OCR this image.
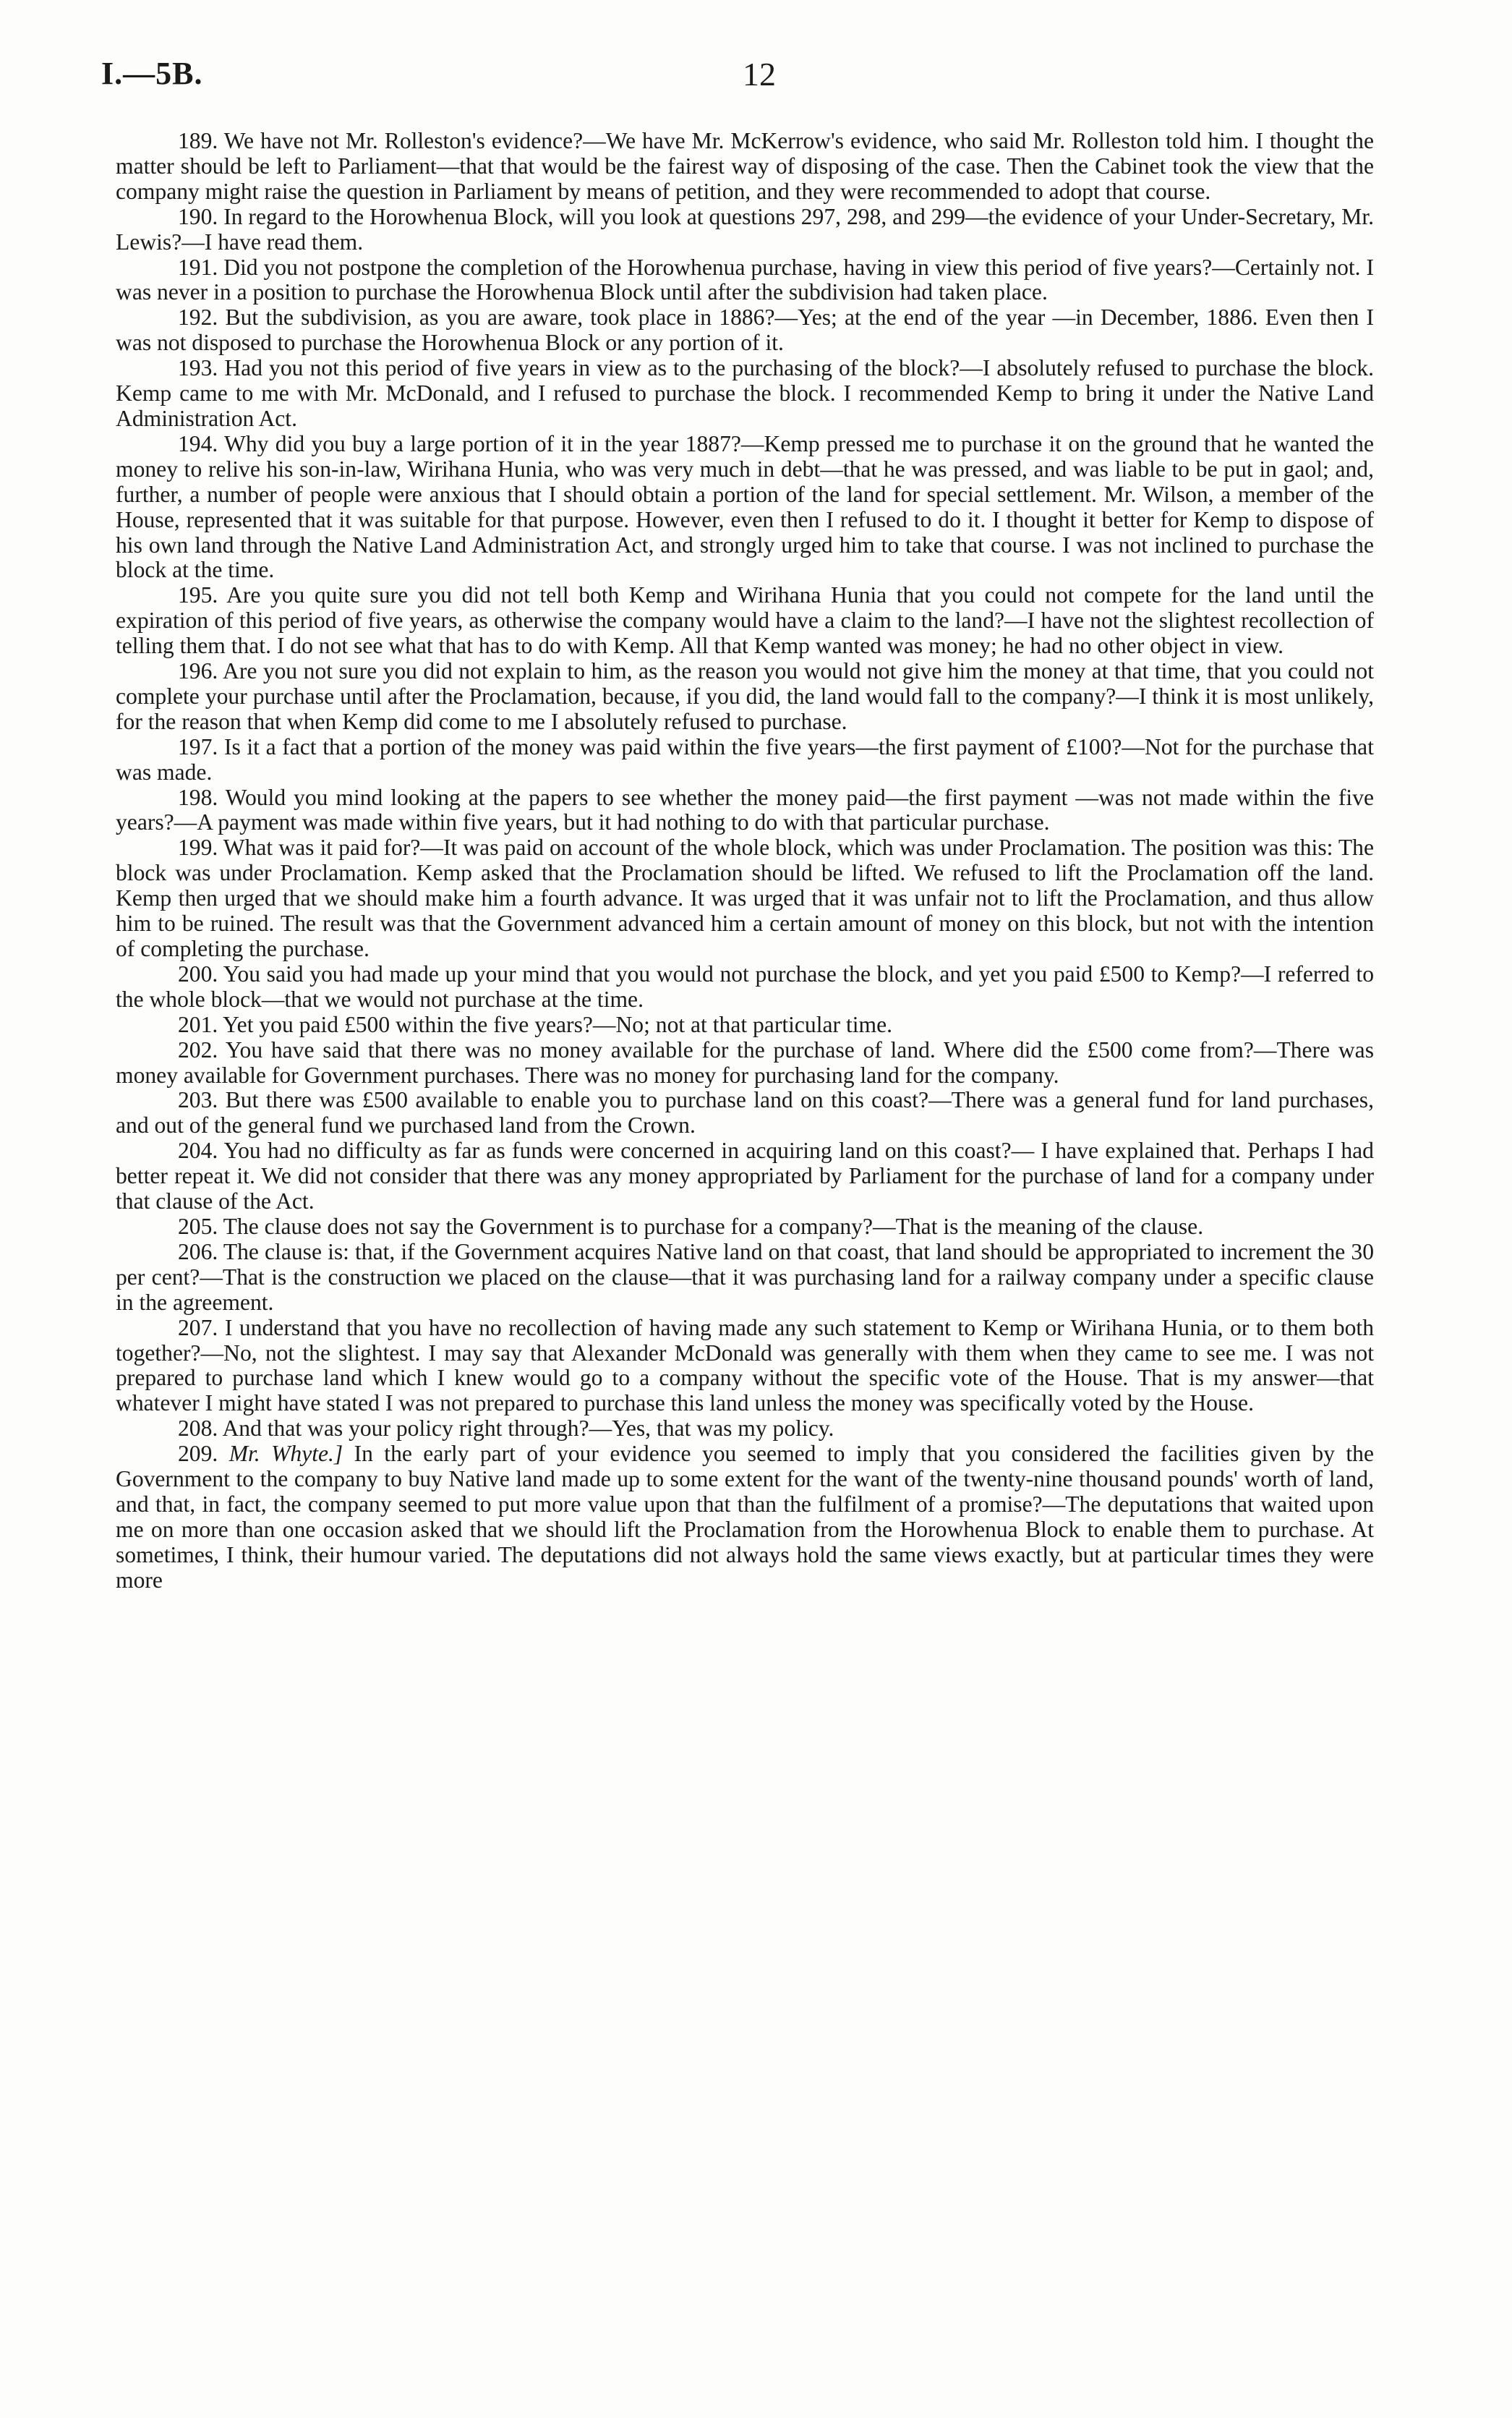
I.—5B.	12

189. We have not Mr. Rolleston's evidence?—We have Mr. McKerrow's evidence, who said Mr. Rolleston told him. I thought the matter should be left to Parliament—that that would be the fairest way of disposing of the case. Then the Cabinet took the view that the company might raise the question in Parliament by means of petition, and they were recommended to adopt that course.

190. In regard to the Horowhenua Block, will you look at questions 297, 298, and 299—the evidence of your Under-Secretary, Mr. Lewis?—I have read them.

191. Did you not postpone the completion of the Horowhenua purchase, having in view this period of five years?—Certainly not. I was never in a position to purchase the Horowhenua Block until after the subdivision had taken place.

192. But the subdivision, as you are aware, took place in 1886?—Yes; at the end of the year —in December, 1886. Even then I was not disposed to purchase the Horowhenua Block or any portion of it.

193. Had you not this period of five years in view as to the purchasing of the block?—I absolutely refused to purchase the block. Kemp came to me with Mr. McDonald, and I refused to purchase the block. I recommended Kemp to bring it under the Native Land Administration Act.

194. Why did you buy a large portion of it in the year 1887?—Kemp pressed me to purchase it on the ground that he wanted the money to relive his son-in-law, Wirihana Hunia, who was very much in debt—that he was pressed, and was liable to be put in gaol; and, further, a number of people were anxious that I should obtain a portion of the land for special settlement. Mr. Wilson, a member of the House, represented that it was suitable for that purpose. However, even then I refused to do it. I thought it better for Kemp to dispose of his own land through the Native Land Administration Act, and strongly urged him to take that course. I was not inclined to purchase the block at the time.

195. Are you quite sure you did not tell both Kemp and Wirihana Hunia that you could not compete for the land until the expiration of this period of five years, as otherwise the company would have a claim to the land?—I have not the slightest recollection of telling them that. I do not see what that has to do with Kemp. All that Kemp wanted was money; he had no other object in view.

196. Are you not sure you did not explain to him, as the reason you would not give him the money at that time, that you could not complete your purchase until after the Proclamation, because, if you did, the land would fall to the company?—I think it is most unlikely, for the reason that when Kemp did come to me I absolutely refused to purchase.

197. Is it a fact that a portion of the money was paid within the five years—the first payment of £100?—Not for the purchase that was made.

198. Would you mind looking at the papers to see whether the money paid—the first payment —was not made within the five years?—A payment was made within five years, but it had nothing to do with that particular purchase.

199. What was it paid for?—It was paid on account of the whole block, which was under Proclamation. The position was this: The block was under Proclamation. Kemp asked that the Proclamation should be lifted. We refused to lift the Proclamation off the land. Kemp then urged that we should make him a fourth advance. It was urged that it was unfair not to lift the Proclamation, and thus allow him to be ruined. The result was that the Government advanced him a certain amount of money on this block, but not with the intention of completing the purchase.

200. You said you had made up your mind that you would not purchase the block, and yet you paid £500 to Kemp?—I referred to the whole block—that we would not purchase at the time.

201. Yet you paid £500 within the five years?—No; not at that particular time.

202. You have said that there was no money available for the purchase of land. Where did the £500 come from?—There was money available for Government purchases. There was no money for purchasing land for the company.

203. But there was £500 available to enable you to purchase land on this coast?—There was a general fund for land purchases, and out of the general fund we purchased land from the Crown.

204. You had no difficulty as far as funds were concerned in acquiring land on this coast?— I have explained that. Perhaps I had better repeat it. We did not consider that there was any money appropriated by Parliament for the purchase of land for a company under that clause of the Act.

205. The clause does not say the Government is to purchase for a company?—That is the meaning of the clause.

206. The clause is: that, if the Government acquires Native land on that coast, that land should be appropriated to increment the 30 per cent?—That is the construction we placed on the clause—that it was purchasing land for a railway company under a specific clause in the agreement.

207. I understand that you have no recollection of having made any such statement to Kemp or Wirihana Hunia, or to them both together?—No, not the slightest. I may say that Alexander McDonald was generally with them when they came to see me. I was not prepared to purchase land which I knew would go to a company without the specific vote of the House. That is my answer—that whatever I might have stated I was not prepared to purchase this land unless the money was specifically voted by the House.

208. And that was your policy right through?—Yes, that was my policy.

209. Mr. Whyte.] In the early part of your evidence you seemed to imply that you considered the facilities given by the Government to the company to buy Native land made up to some extent for the want of the twenty-nine thousand pounds' worth of land, and that, in fact, the company seemed to put more value upon that than the fulfilment of a promise?—The deputations that waited upon me on more than one occasion asked that we should lift the Proclamation from the Horowhenua Block to enable them to purchase. At sometimes, I think, their humour varied. The deputations did not always hold the same views exactly, but at particular times they were more
